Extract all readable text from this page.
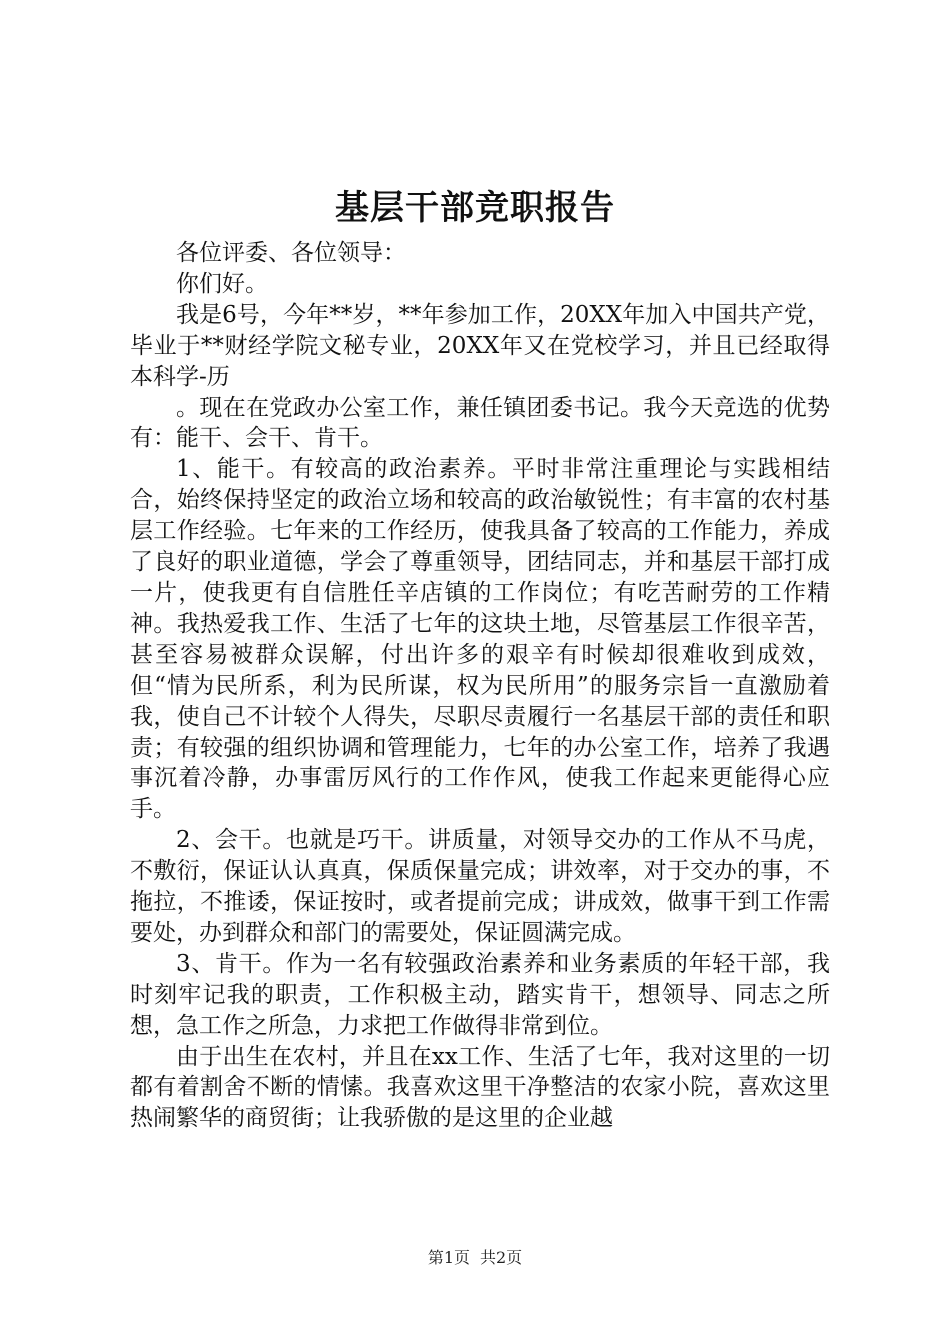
基层干部竞职报告

各位评委、各位领导：

你们好。

我是6号，今年**岁，**年参加工作，20XX年加入中国共产党，毕业于**财经学院文秘专业，20XX年又在党校学习，并且已经取得本科学-历

。现在在党政办公室工作，兼任镇团委书记。我今天竞选的优势有：能干、会干、肯干。

1、能干。有较高的政治素养。平时非常注重理论与实践相结合，始终保持坚定的政治立场和较高的政治敏锐性；有丰富的农村基层工作经验。七年来的工作经历，使我具备了较高的工作能力，养成了良好的职业道德，学会了尊重领导，团结同志，并和基层干部打成一片，使我更有自信胜任辛店镇的工作岗位；有吃苦耐劳的工作精神。我热爱我工作、生活了七年的这块土地，尽管基层工作很辛苦，甚至容易被群众误解，付出许多的艰辛有时候却很难收到成效，但“情为民所系，利为民所谋，权为民所用”的服务宗旨一直激励着我，使自己不计较个人得失，尽职尽责履行一名基层干部的责任和职责；有较强的组织协调和管理能力，七年的办公室工作，培养了我遇事沉着冷静，办事雷厉风行的工作作风，使我工作起来更能得心应手。

2、会干。也就是巧干。讲质量，对领导交办的工作从不马虎，不敷衍，保证认认真真，保质保量完成；讲效率，对于交办的事，不拖拉，不推诿，保证按时，或者提前完成；讲成效，做事干到工作需要处，办到群众和部门的需要处，保证圆满完成。

3、肯干。作为一名有较强政治素养和业务素质的年轻干部，我时刻牢记我的职责，工作积极主动，踏实肯干，想领导、同志之所想，急工作之所急，力求把工作做得非常到位。

由于出生在农村，并且在xx工作、生活了七年，我对这里的一切都有着割舍不断的情愫。我喜欢这里干净整洁的农家小院，喜欢这里热闹繁华的商贸街；让我骄傲的是这里的企业越

第1页 共2页
